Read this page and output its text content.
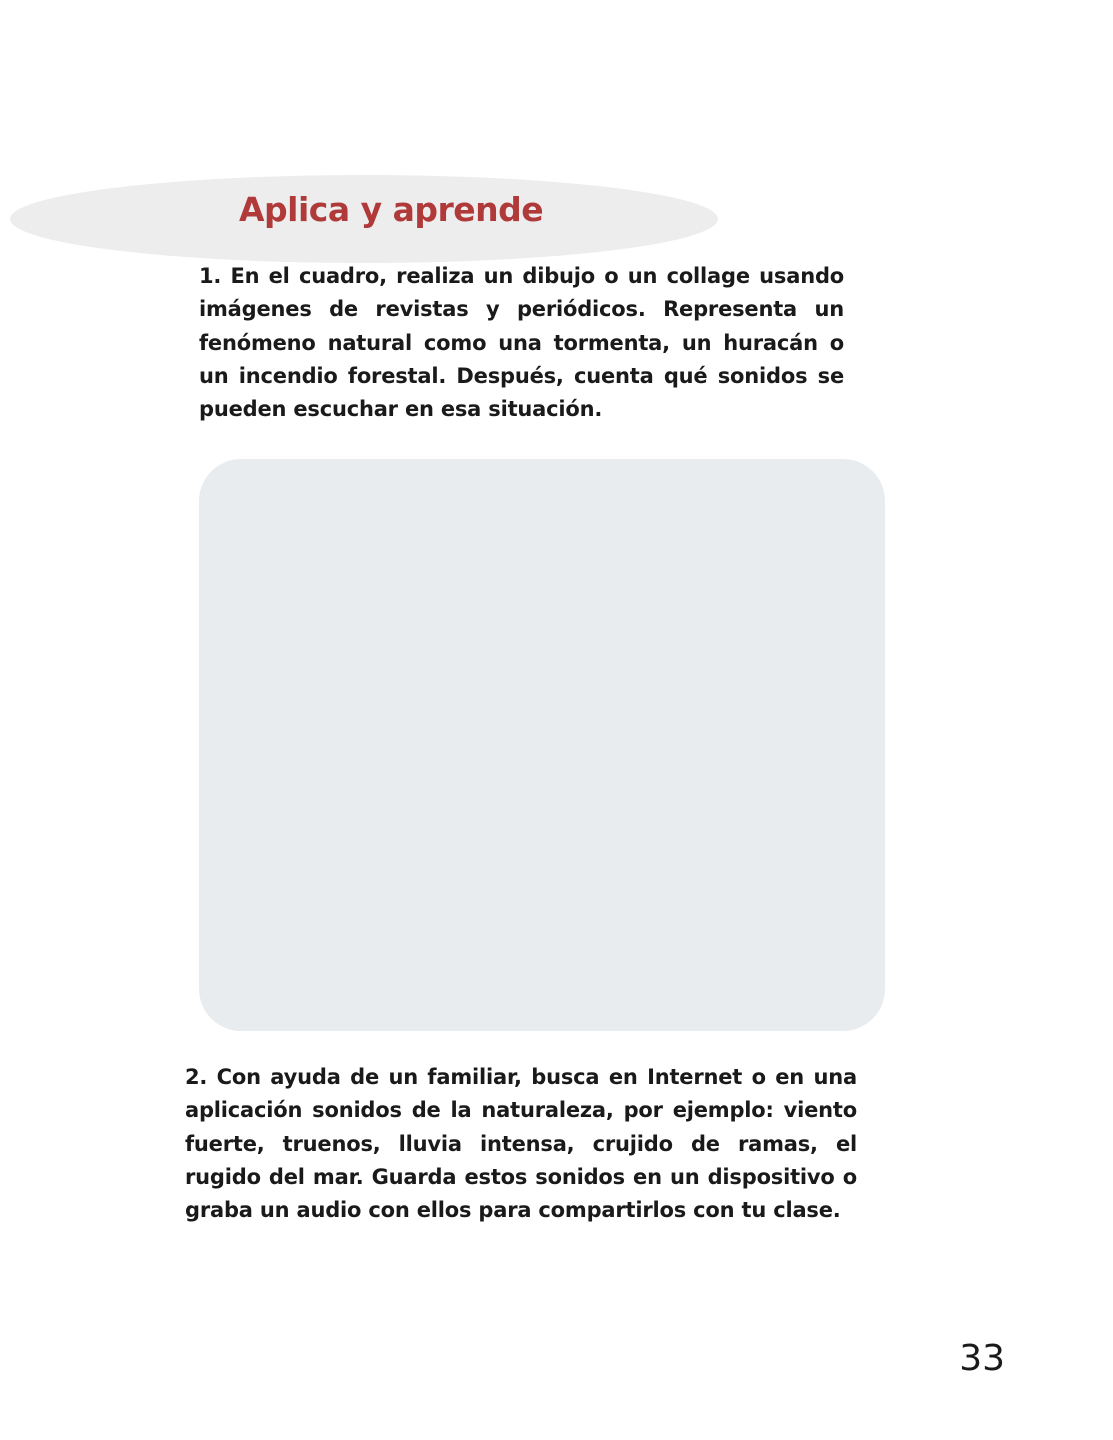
Aplica y aprende

1. En el cuadro, realiza un dibujo o un collage usando imágenes de revistas y periódicos. Representa un fenómeno natural como una tormenta, un huracán o un incendio forestal. Después, cuenta qué sonidos se pueden escuchar en esa situación.

2. Con ayuda de un familiar, busca en Internet o en una aplicación sonidos de la naturaleza, por ejemplo: viento fuerte, truenos, lluvia intensa, crujido de ramas, el rugido del mar. Guarda estos sonidos en un dispositivo o graba un audio con ellos para compartirlos con tu clase.

33
